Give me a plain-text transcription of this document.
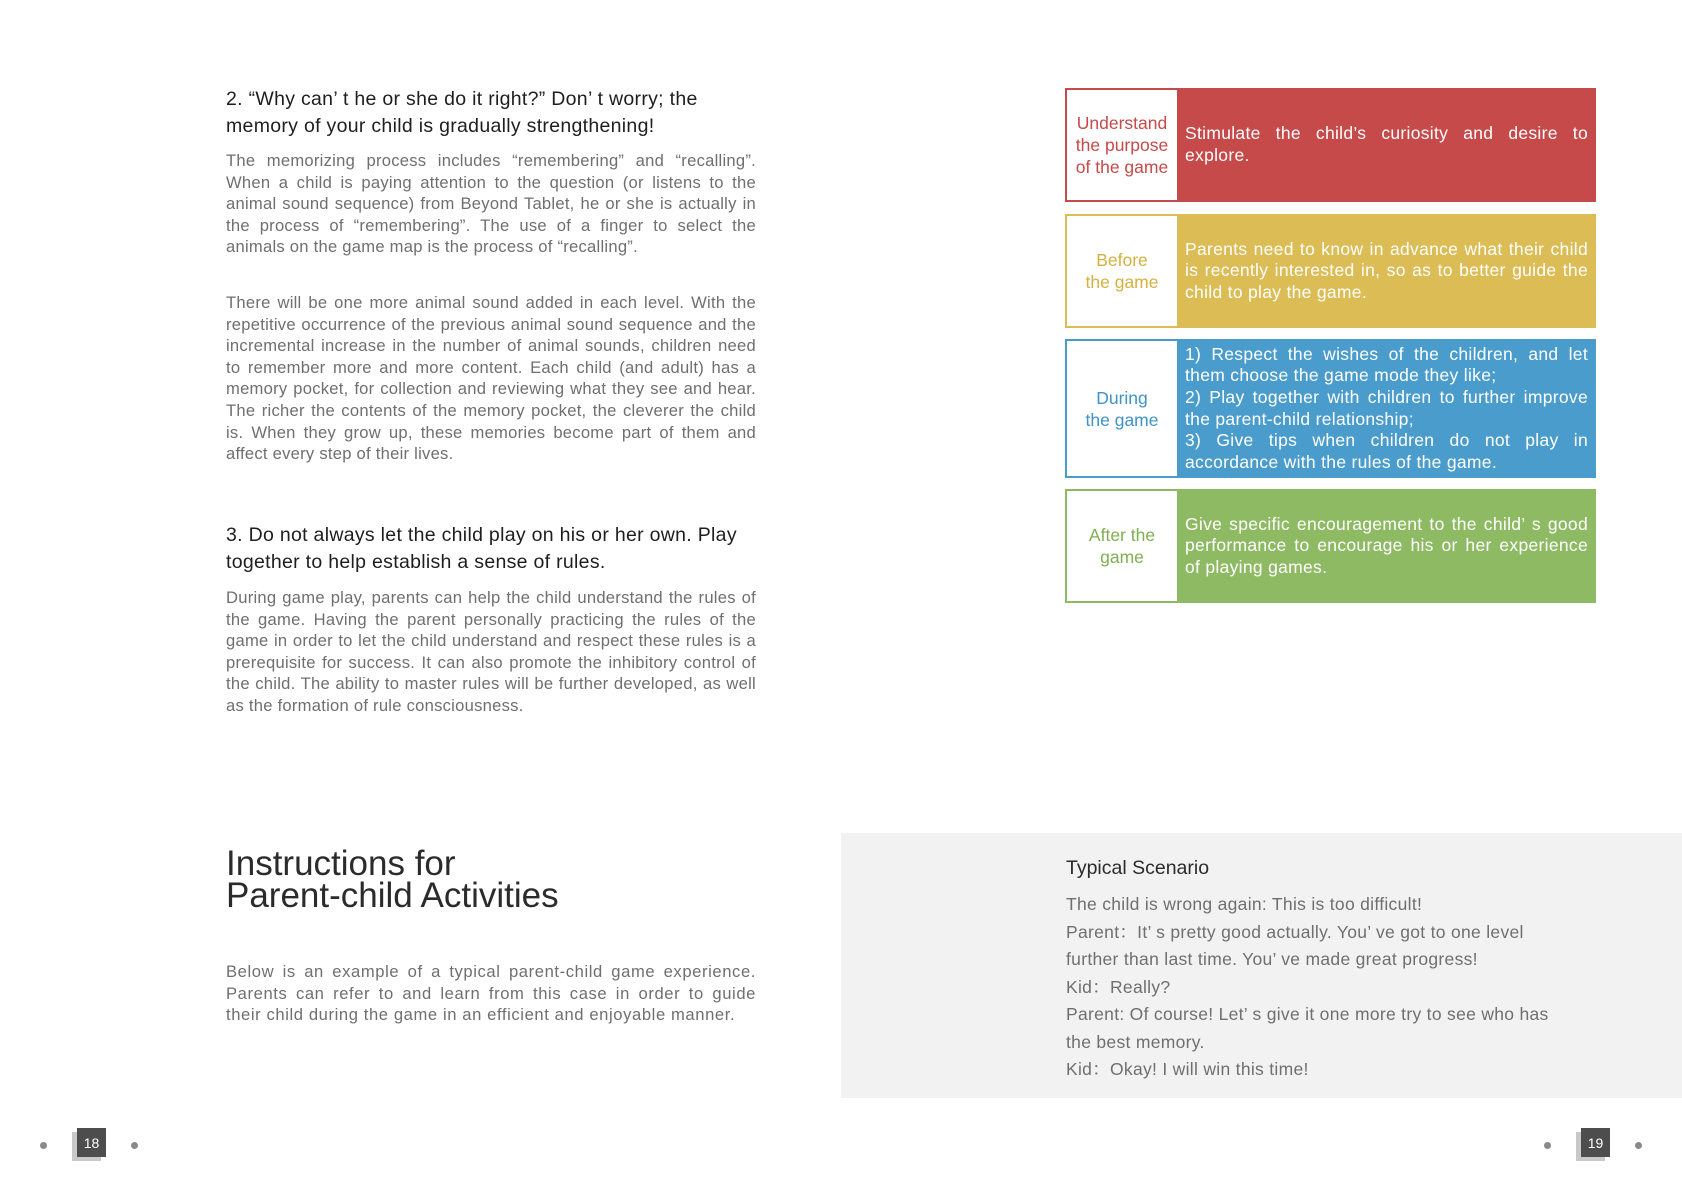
2. “Why can’ t he or she do it right?” Don’ t worry; the memory of your child is gradually strengthening!
The memorizing process includes “remembering” and “recalling”. When a child is paying attention to the question (or listens to the animal sound sequence) from Beyond Tablet, he or she is actually in the process of “remembering”. The use of a finger to select the animals on the game map is the process of “recalling”.
There will be one more animal sound added in each level. With the repetitive occurrence of the previous animal sound sequence and the incremental increase in the number of animal sounds, children need to remember more and more content. Each child (and adult) has a memory pocket, for collection and reviewing what they see and hear. The richer the contents of the memory pocket, the cleverer the child is. When they grow up, these memories become part of them and affect every step of their lives.
3. Do not always let the child play on his or her own. Play together to help establish a sense of rules.
During game play, parents can help the child understand the rules of the game. Having the parent personally practicing the rules of the game in order to let the child understand and respect these rules is a prerequisite for success. It can also promote the inhibitory control of the child. The ability to master rules will be further developed, as well as the formation of rule consciousness.
Instructions for
Parent-child Activities
Below is an example of a typical parent-child game experience. Parents can refer to and learn from this case in order to guide their child during the game in an efficient and enjoyable manner.
18
Understand the purpose of the game
Stimulate the child’s curiosity and desire to explore.
Before the game
Parents need to know in advance what their child is recently interested in, so as to better guide the child to play the game.
During the game
1) Respect the wishes of the children, and let them choose the game mode they like;
2) Play together with children to further improve the parent-child relationship;
3) Give tips when children do not play in accordance with the rules of the game.
After the game
Give specific encouragement to the child’ s good performance to encourage his or her experience of playing games.
Typical Scenario
The child is wrong again: This is too difficult!
Parent：It’ s pretty good actually. You’ ve got to one level
further than last time. You’ ve made great progress!
Kid：Really?
Parent: Of course! Let’ s give it one more try to see who has
the best memory.
Kid：Okay! I will win this time!
19
